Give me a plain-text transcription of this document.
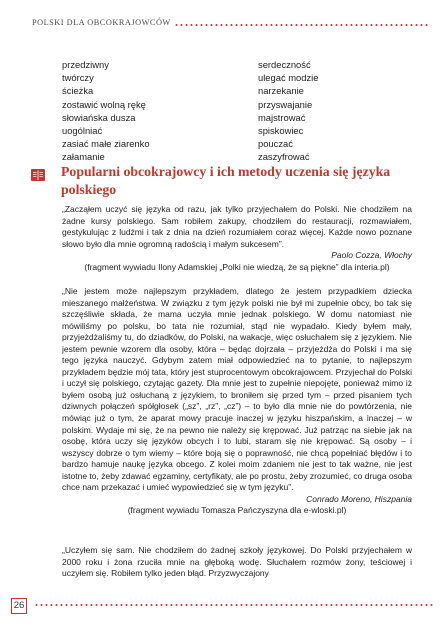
POLSKI DLA OBCOKRAJOWCÓW
przedziwny
twórczy
ścieżka
zostawić wolną rękę
słowiańska dusza
uogólniać
zasiać małe ziarenko
załamanie
serdeczność
ulegać modzie
narzekanie
przyswajanie
majstrować
spiskowiec
pouczać
zaszyfrować
Popularni obcokrajowcy i ich metody uczenia się języka polskiego

„Zacząłem uczyć się języka od razu, jak tylko przyjechałem do Polski. Nie chodziłem na żadne kursy polskiego. Sam robiłem zakupy, chodziłem do restauracji, rozmawiałem, gestykulując z ludźmi i tak z dnia na dzień rozumiałem coraz więcej. Każde nowo poznane słowo było dla mnie ogromną radością i małym sukcesem”.

Paolo Cozza, Włochy

(fragment wywiadu Ilony Adamskiej „Polki nie wiedzą, że są piękne” dla interia.pl)

„Nie jestem może najlepszym przykładem, dlatego że jestem przypadkiem dziecka mieszanego małżeństwa. W związku z tym język polski nie był mi zupełnie obcy, bo tak się szczęśliwie składa, że mama uczyła mnie jednak polskiego. W domu natomiast nie mówiliśmy po polsku, bo tata nie rozumiał, stąd nie wypadało. Kiedy byłem mały, przyjeżdżaliśmy tu, do dziadków, do Polski, na wakacje, więc osłuchałem się z językiem. Nie jestem pewnie wzorem dla osoby, która – będąc dojrzała – przyjeżdża do Polski i ma się tego języka nauczyć. Gdybym zatem miał odpowiedzieć na to pytanie, to najlepszym przykładem będzie mój tata, który jest stuprocentowym obcokrajowcem. Przyjechał do Polski i uczył się polskiego, czytając gazety. Dla mnie jest to zupełnie niepojęte, ponieważ mimo iż byłem osobą już osłuchaną z językiem, to broniłem się przed tym – przed pisaniem tych dziwnych połączeń spółgłosek („sz”, „rz”, „cz”) – to było dla mnie nie do powtórzenia, nie mówiąc już o tym, że aparat mowy pracuje inaczej w języku hiszpańskim, a inaczej – w polskim. Wydaje mi się, że na pewno nie należy się krępować. Już patrząc na siebie jak na osobę, która uczy się języków obcych i to lubi, staram się nie krępować. Są osoby – i wszyscy dobrze o tym wiemy – które boją się o poprawność, nie chcą popełniać błędów i to bardzo hamuje naukę języka obcego. Z kolei moim zdaniem nie jest to tak ważne, nie jest istotne to, żeby zdawać egzaminy, certyfikaty, ale po prostu, żeby zrozumieć, co druga osoba chce nam przekazać i umieć wypowiedzieć się w tym języku”.

Conrado Moreno, Hiszpania

(fragment wywiadu Tomasza Pańczyszyna dla e-wloski.pl)

„Uczyłem się sam. Nie chodziłem do żadnej szkoły językowej. Do Polski przyjechałem w 2000 roku i żona rzuciła mnie na głęboką wodę. Słuchałem rozmów żony, teściowej i uczyłem się. Robiłem tylko jeden błąd. Przyzwyczajony

26
